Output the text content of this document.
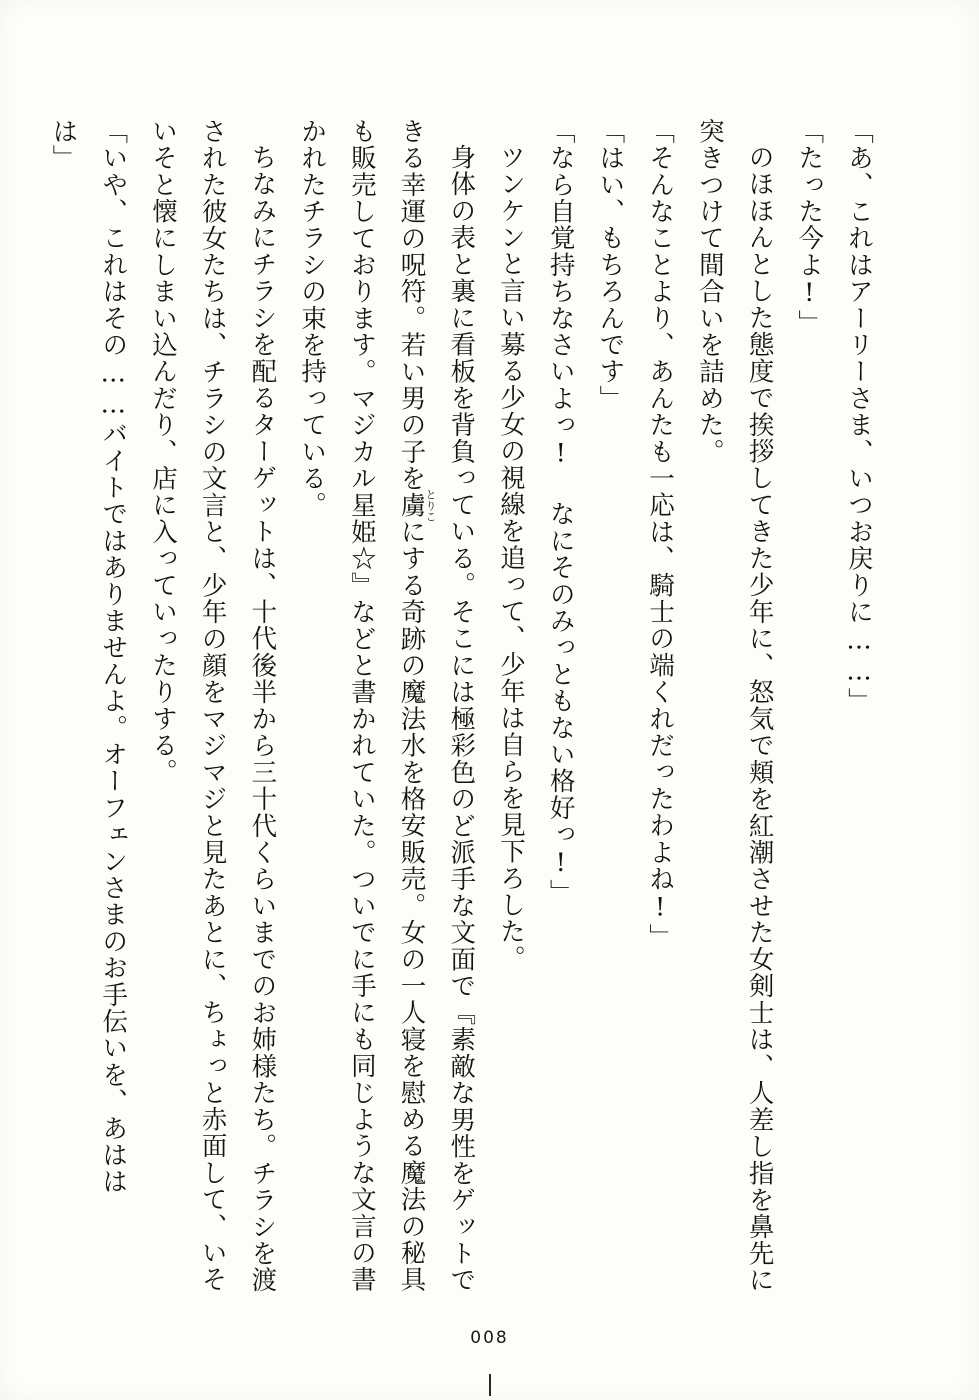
「あ、これはアーリーさま、いつお戻りに……」

「たった今よ!」

のほほんとした態度で挨拶してきた少年に、怒気で頬を紅潮させた女剣士は、人差し指を鼻先に突きつけて間合いを詰めた。

「そんなことより、あんたも一応は、騎士の端くれだったわよね!」

「はい、もちろんです」

「なら自覚持ちなさいよっ! なにそのみっともない格好っ!」

ツンケンと言い募る少女の視線を追って、少年は自らを見下ろした。

身体の表と裏に看板を背負っている。そこには極彩色のど派手な文面で『素敵な男性をゲットできる幸運の呪符。若い男の子を虜とりこにする奇跡の魔法水を格安販売。女の一人寝を慰める魔法の秘具も販売しております。マジカル星姫☆』などと書かれていた。ついでに手にも同じような文言の書かれたチラシの束を持っている。

ちなみにチラシを配るターゲットは、十代後半から三十代くらいまでのお姉様たち。チラシを渡された彼女たちは、チラシの文言と、少年の顔をマジマジと見たあとに、ちょっと赤面して、いそいそと懐にしまい込んだり、店に入っていったりする。

「いや、これはその……バイトではありませんよ。オーフェンさまのお手伝いを、あはは

は」

008
